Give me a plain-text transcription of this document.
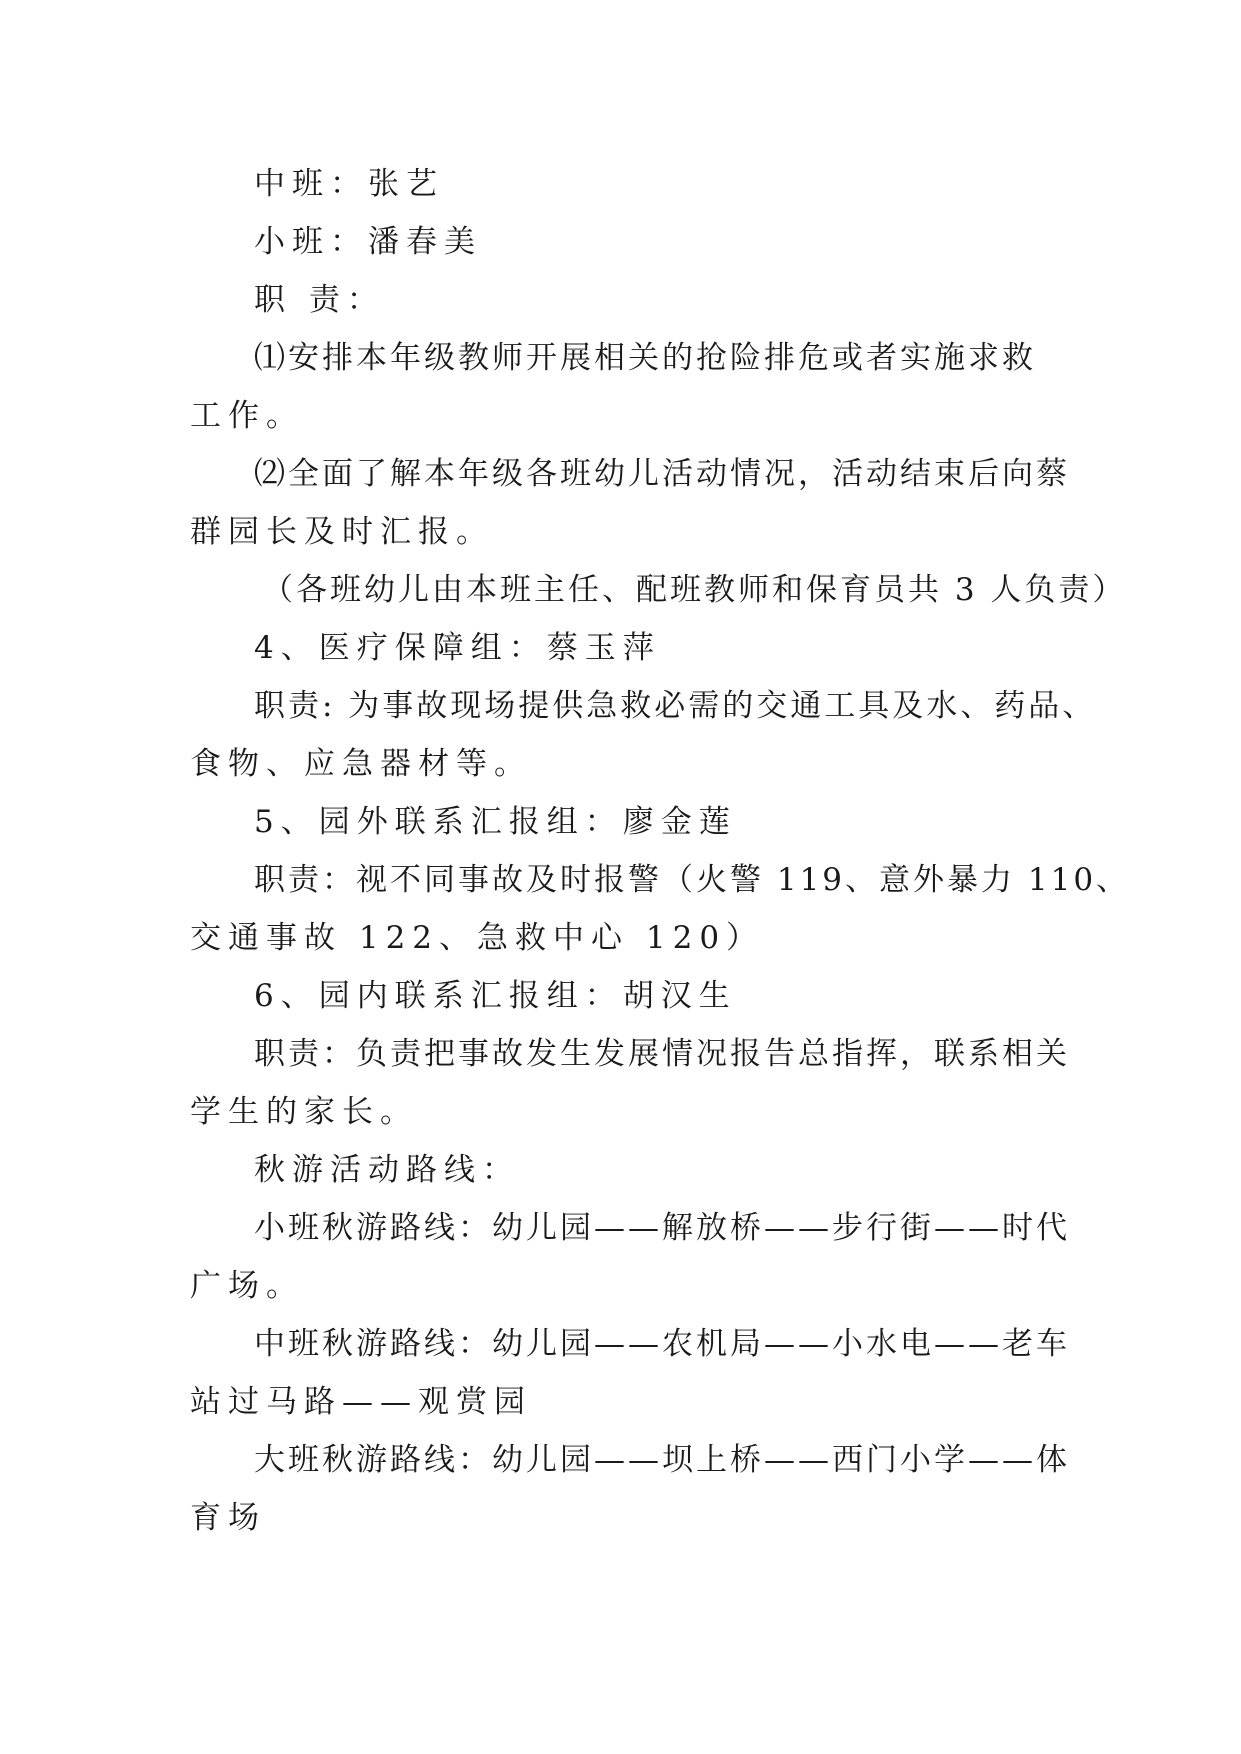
中班：张艺
小班：潘春美
职 责：
⑴安排本年级教师开展相关的抢险排危或者实施求救
工作。
⑵全面了解本年级各班幼儿活动情况，活动结束后向蔡
群园长及时汇报。
（各班幼儿由本班主任、配班教师和保育员共 3 人负责）
4、医疗保障组：蔡玉萍
职责: 为事故现场提供急救必需的交通工具及水、药品、
食物、应急器材等。
5、园外联系汇报组：廖金莲
职责：视不同事故及时报警（火警 119、意外暴力 110、
交通事故 122、急救中心 120）
6、园内联系汇报组：胡汉生
职责：负责把事故发生发展情况报告总指挥，联系相关
学生的家长。
秋游活动路线：
小班秋游路线：幼儿园——解放桥——步行街——时代
广场。
中班秋游路线：幼儿园——农机局——小水电——老车
站过马路——观赏园
大班秋游路线：幼儿园——坝上桥——西门小学——体
育场
